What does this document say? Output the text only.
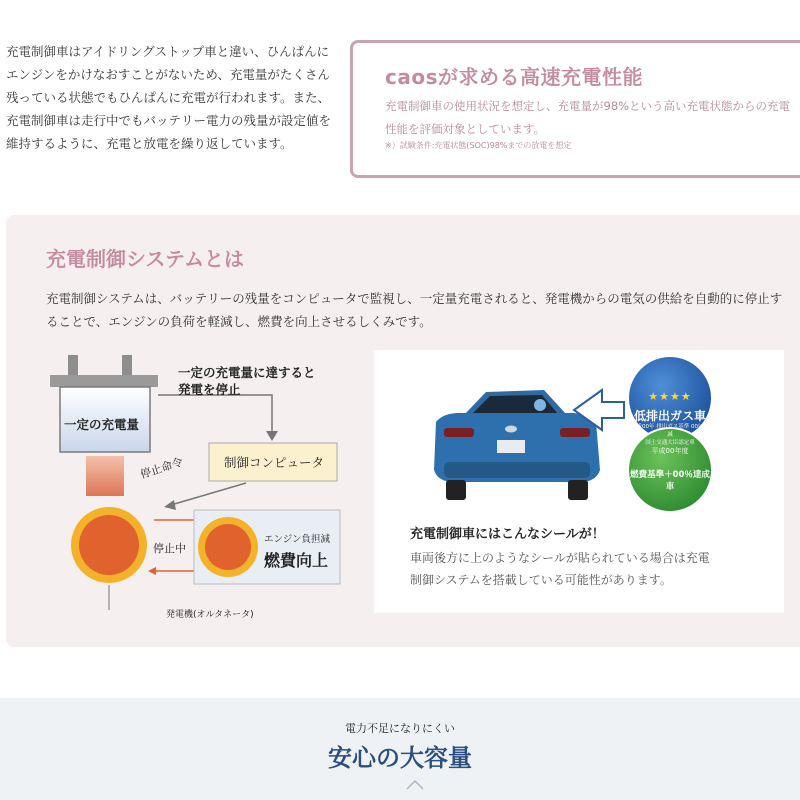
充電制御車はアイドリングストップ車と違い、ひんぱんに
エンジンをかけなおすことがないため、充電量がたくさん
残っている状態でもひんぱんに充電が行われます。また、
充電制御車は走行中でもバッテリー電力の残量が設定値を
維持するように、充電と放電を繰り返しています。
caosが求める高速充電性能
充電制御車の使用状況を想定し、充電量が98%という高い充電状態からの充電性能を評価対象としています。
※）試験条件:充電状態(SOC)98%までの放電を想定
充電制御システムとは
充電制御システムは、バッテリーの残量をコンピュータで監視し、一定量充電されると、発電機からの電気の供給を自動的に停止することで、エンジンの負荷を軽減し、燃費を向上させるしくみです。
一定の充電量に達すると
発電を停止
一定の充電量
制御コンピュータ
停止命令
停止中
エンジン負担減
燃費向上
発電機(オルタネータ)
★★★★
低排出ガス車
平成00年 排出ガス基準 00％低減
国土交通大臣認定車
平成00年度
燃費基準＋00％達成車
充電制御車にはこんなシールが！
車両後方に上のようなシールが貼られている場合は充電
制御システムを搭載している可能性があります。
電力不足になりにくい
安心の大容量
